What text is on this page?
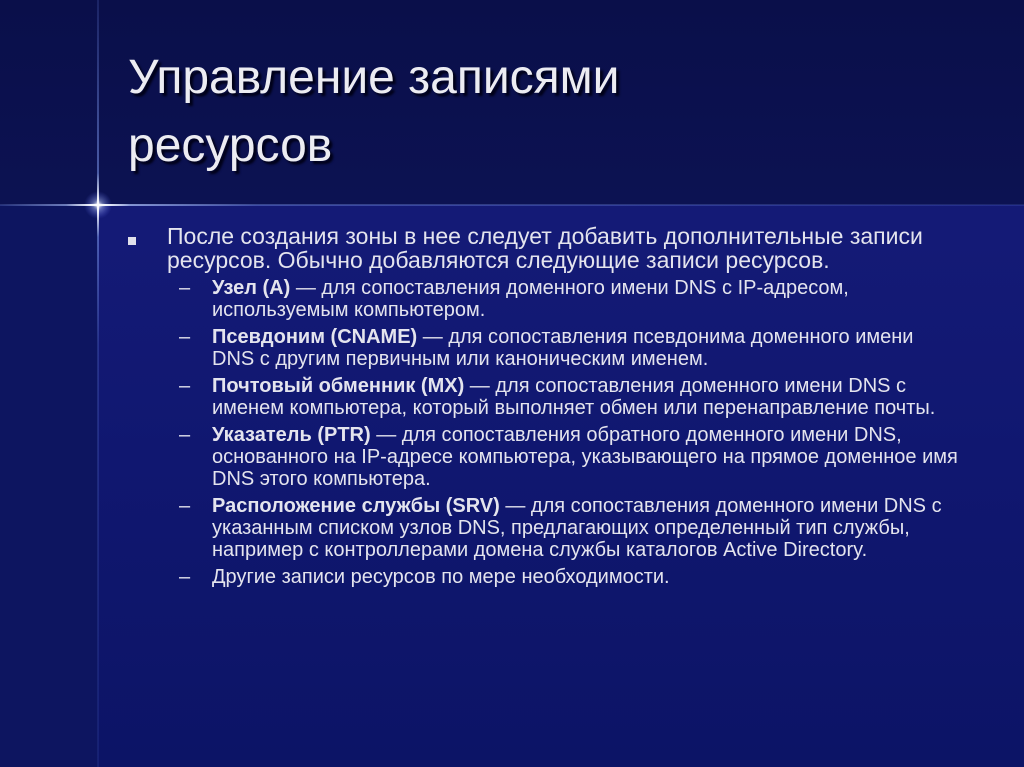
Управление записями
ресурсов
После создания зоны в нее следует добавить дополнительные записи ресурсов. Обычно добавляются следующие записи ресурсов.
–	Узел (A) — для сопоставления доменного имени DNS с IP-адресом, используемым компьютером.
–	Псевдоним (CNAME) — для сопоставления псевдонима доменного имени DNS с другим первичным или каноническим именем.
–	Почтовый обменник (MX) — для сопоставления доменного имени DNS с именем компьютера, который выполняет обмен или перенаправление почты.
–	Указатель (PTR) — для сопоставления обратного доменного имени DNS, основанного на IP-адресе компьютера, указывающего на прямое доменное имя DNS этого компьютера.
–	Расположение службы (SRV) — для сопоставления доменного имени DNS с указанным списком узлов DNS, предлагающих определенный тип службы, например с контроллерами домена службы каталогов Active Directory.
–	Другие записи ресурсов по мере необходимости.
